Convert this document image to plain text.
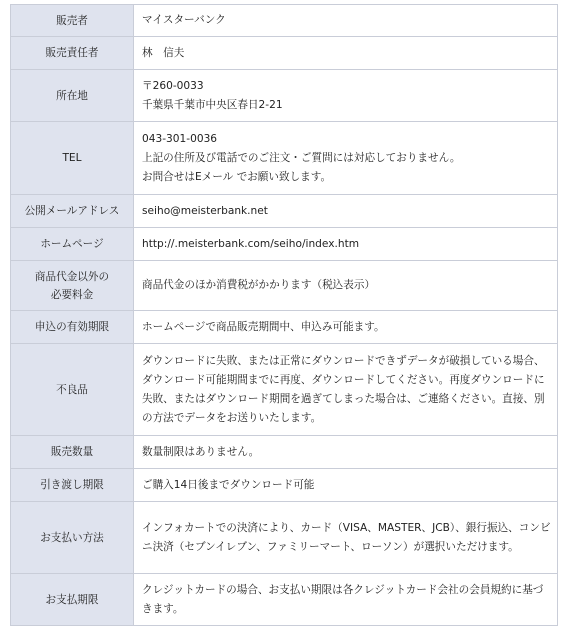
販売者	マイスターバンク

販売責任者	林　信夫

所在地	〒260-0033
千葉県千葉市中央区春日2-21

TEL	043-301-0036
上記の住所及び電話でのご注文・ご質問には対応しておりません。
お問合せはEメール でお願い致します。

公開メールアドレス	seiho@meisterbank.net

ホームページ	http://.meisterbank.com/seiho/index.htm

商品代金以外の
必要料金	商品代金のほか消費税がかかります（税込表示）

申込の有効期限	ホームページで商品販売期間中、申込み可能ます。

不良品	ダウンロードに失敗、または正常にダウンロードできずデータが破損している場合、ダウンロード可能期間までに再度、ダウンロードしてください。再度ダウンロードに失敗、またはダウンロード期間を過ぎてしまった場合は、ご連絡ください。直接、別の方法でデータをお送りいたします。

販売数量	数量制限はありません。

引き渡し期限	ご購入14日後までダウンロード可能

お支払い方法	インフォカートでの決済により、カード（VISA、MASTER、JCB）、銀行振込、コンビニ決済（セブンイレブン、ファミリーマート、ローソン）が選択いただけます。

お支払期限	クレジットカードの場合、お支払い期限は各クレジットカード会社の会員規約に基づきます。
